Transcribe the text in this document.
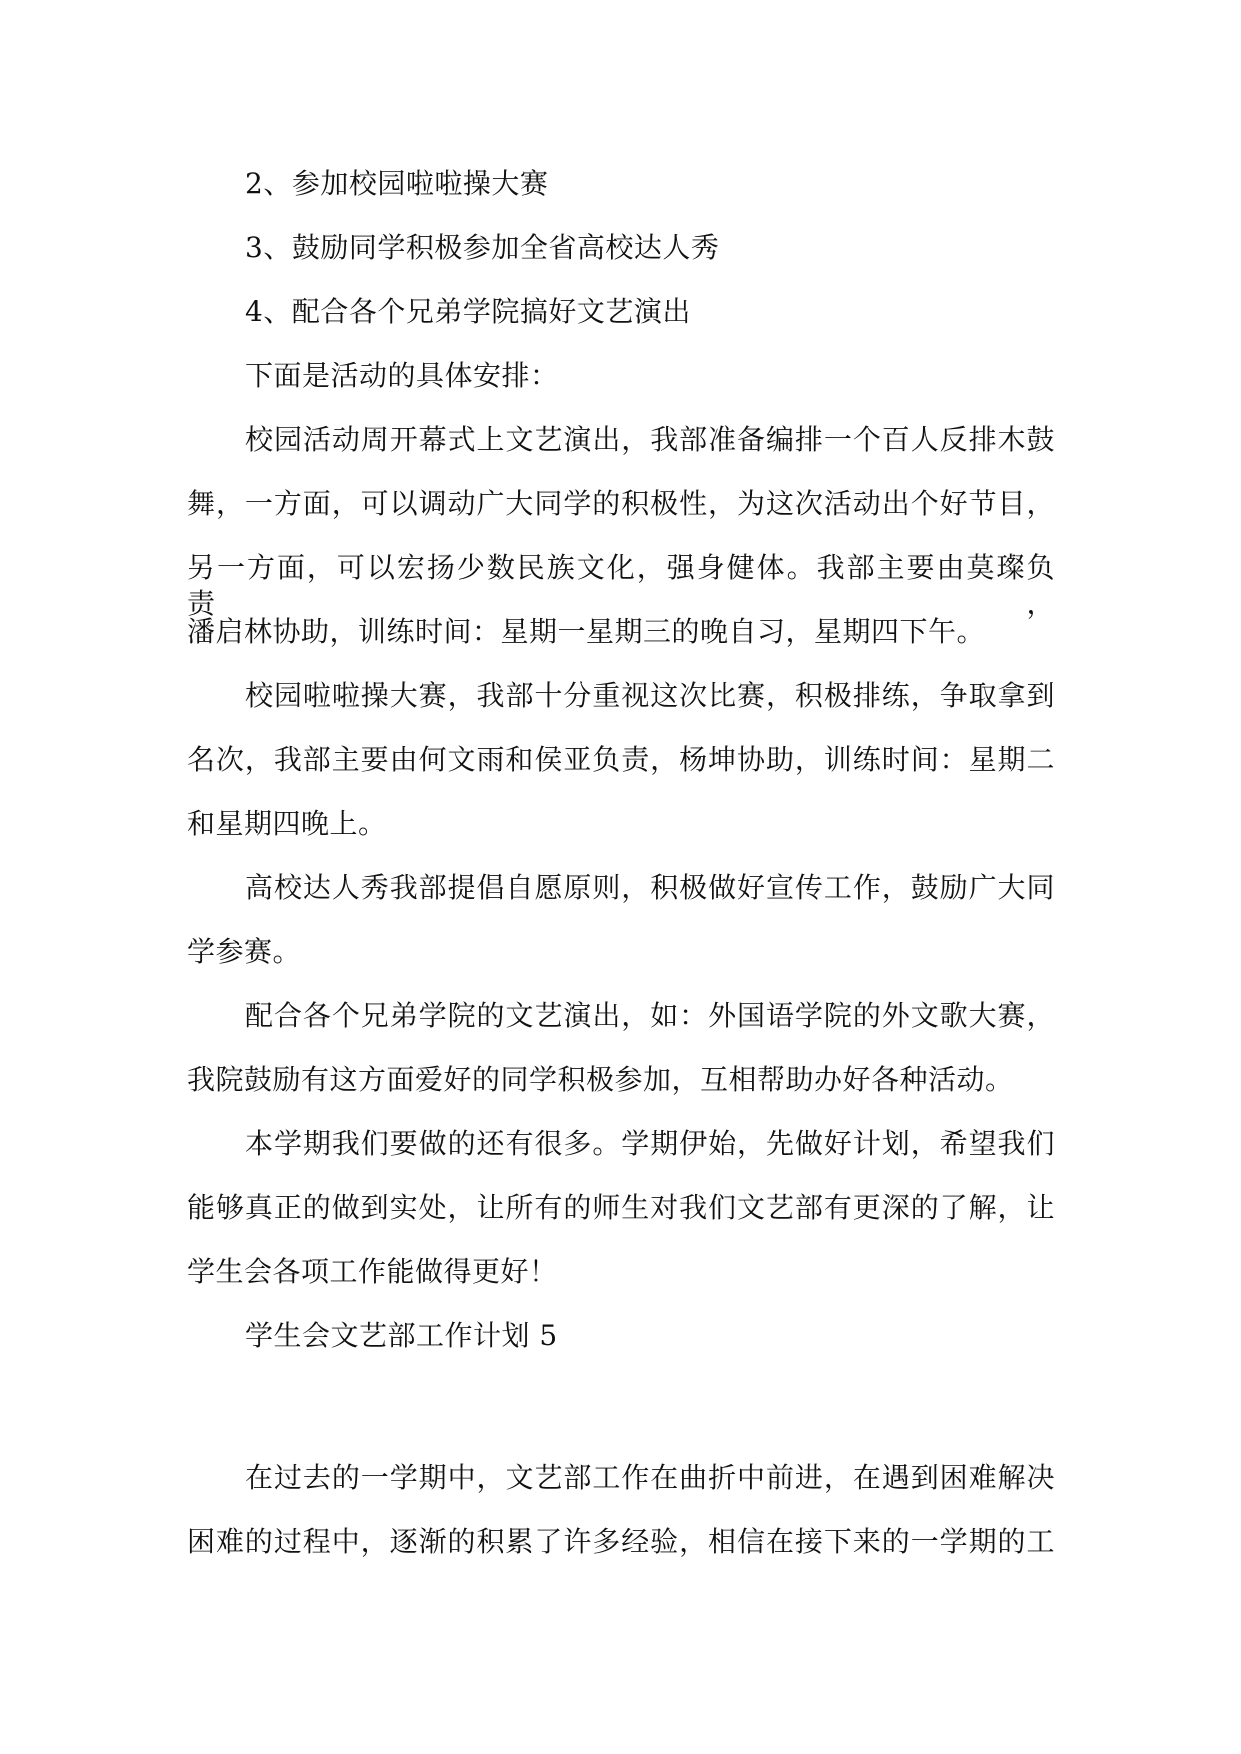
2、参加校园啦啦操大赛
3、鼓励同学积极参加全省高校达人秀
4、配合各个兄弟学院搞好文艺演出
下面是活动的具体安排：
校园活动周开幕式上文艺演出，我部准备编排一个百人反排木鼓
舞，一方面，可以调动广大同学的积极性，为这次活动出个好节目，
另一方面，可以宏扬少数民族文化，强身健体。我部主要由莫璨负责，
潘启林协助，训练时间：星期一星期三的晚自习，星期四下午。
校园啦啦操大赛，我部十分重视这次比赛，积极排练，争取拿到
名次，我部主要由何文雨和侯亚负责，杨坤协助，训练时间：星期二
和星期四晚上。
高校达人秀我部提倡自愿原则，积极做好宣传工作，鼓励广大同
学参赛。
配合各个兄弟学院的文艺演出，如：外国语学院的外文歌大赛，
我院鼓励有这方面爱好的同学积极参加，互相帮助办好各种活动。
本学期我们要做的还有很多。学期伊始，先做好计划，希望我们
能够真正的做到实处，让所有的师生对我们文艺部有更深的了解，让
学生会各项工作能做得更好！
学生会文艺部工作计划 5
在过去的一学期中，文艺部工作在曲折中前进，在遇到困难解决
困难的过程中，逐渐的积累了许多经验，相信在接下来的一学期的工
